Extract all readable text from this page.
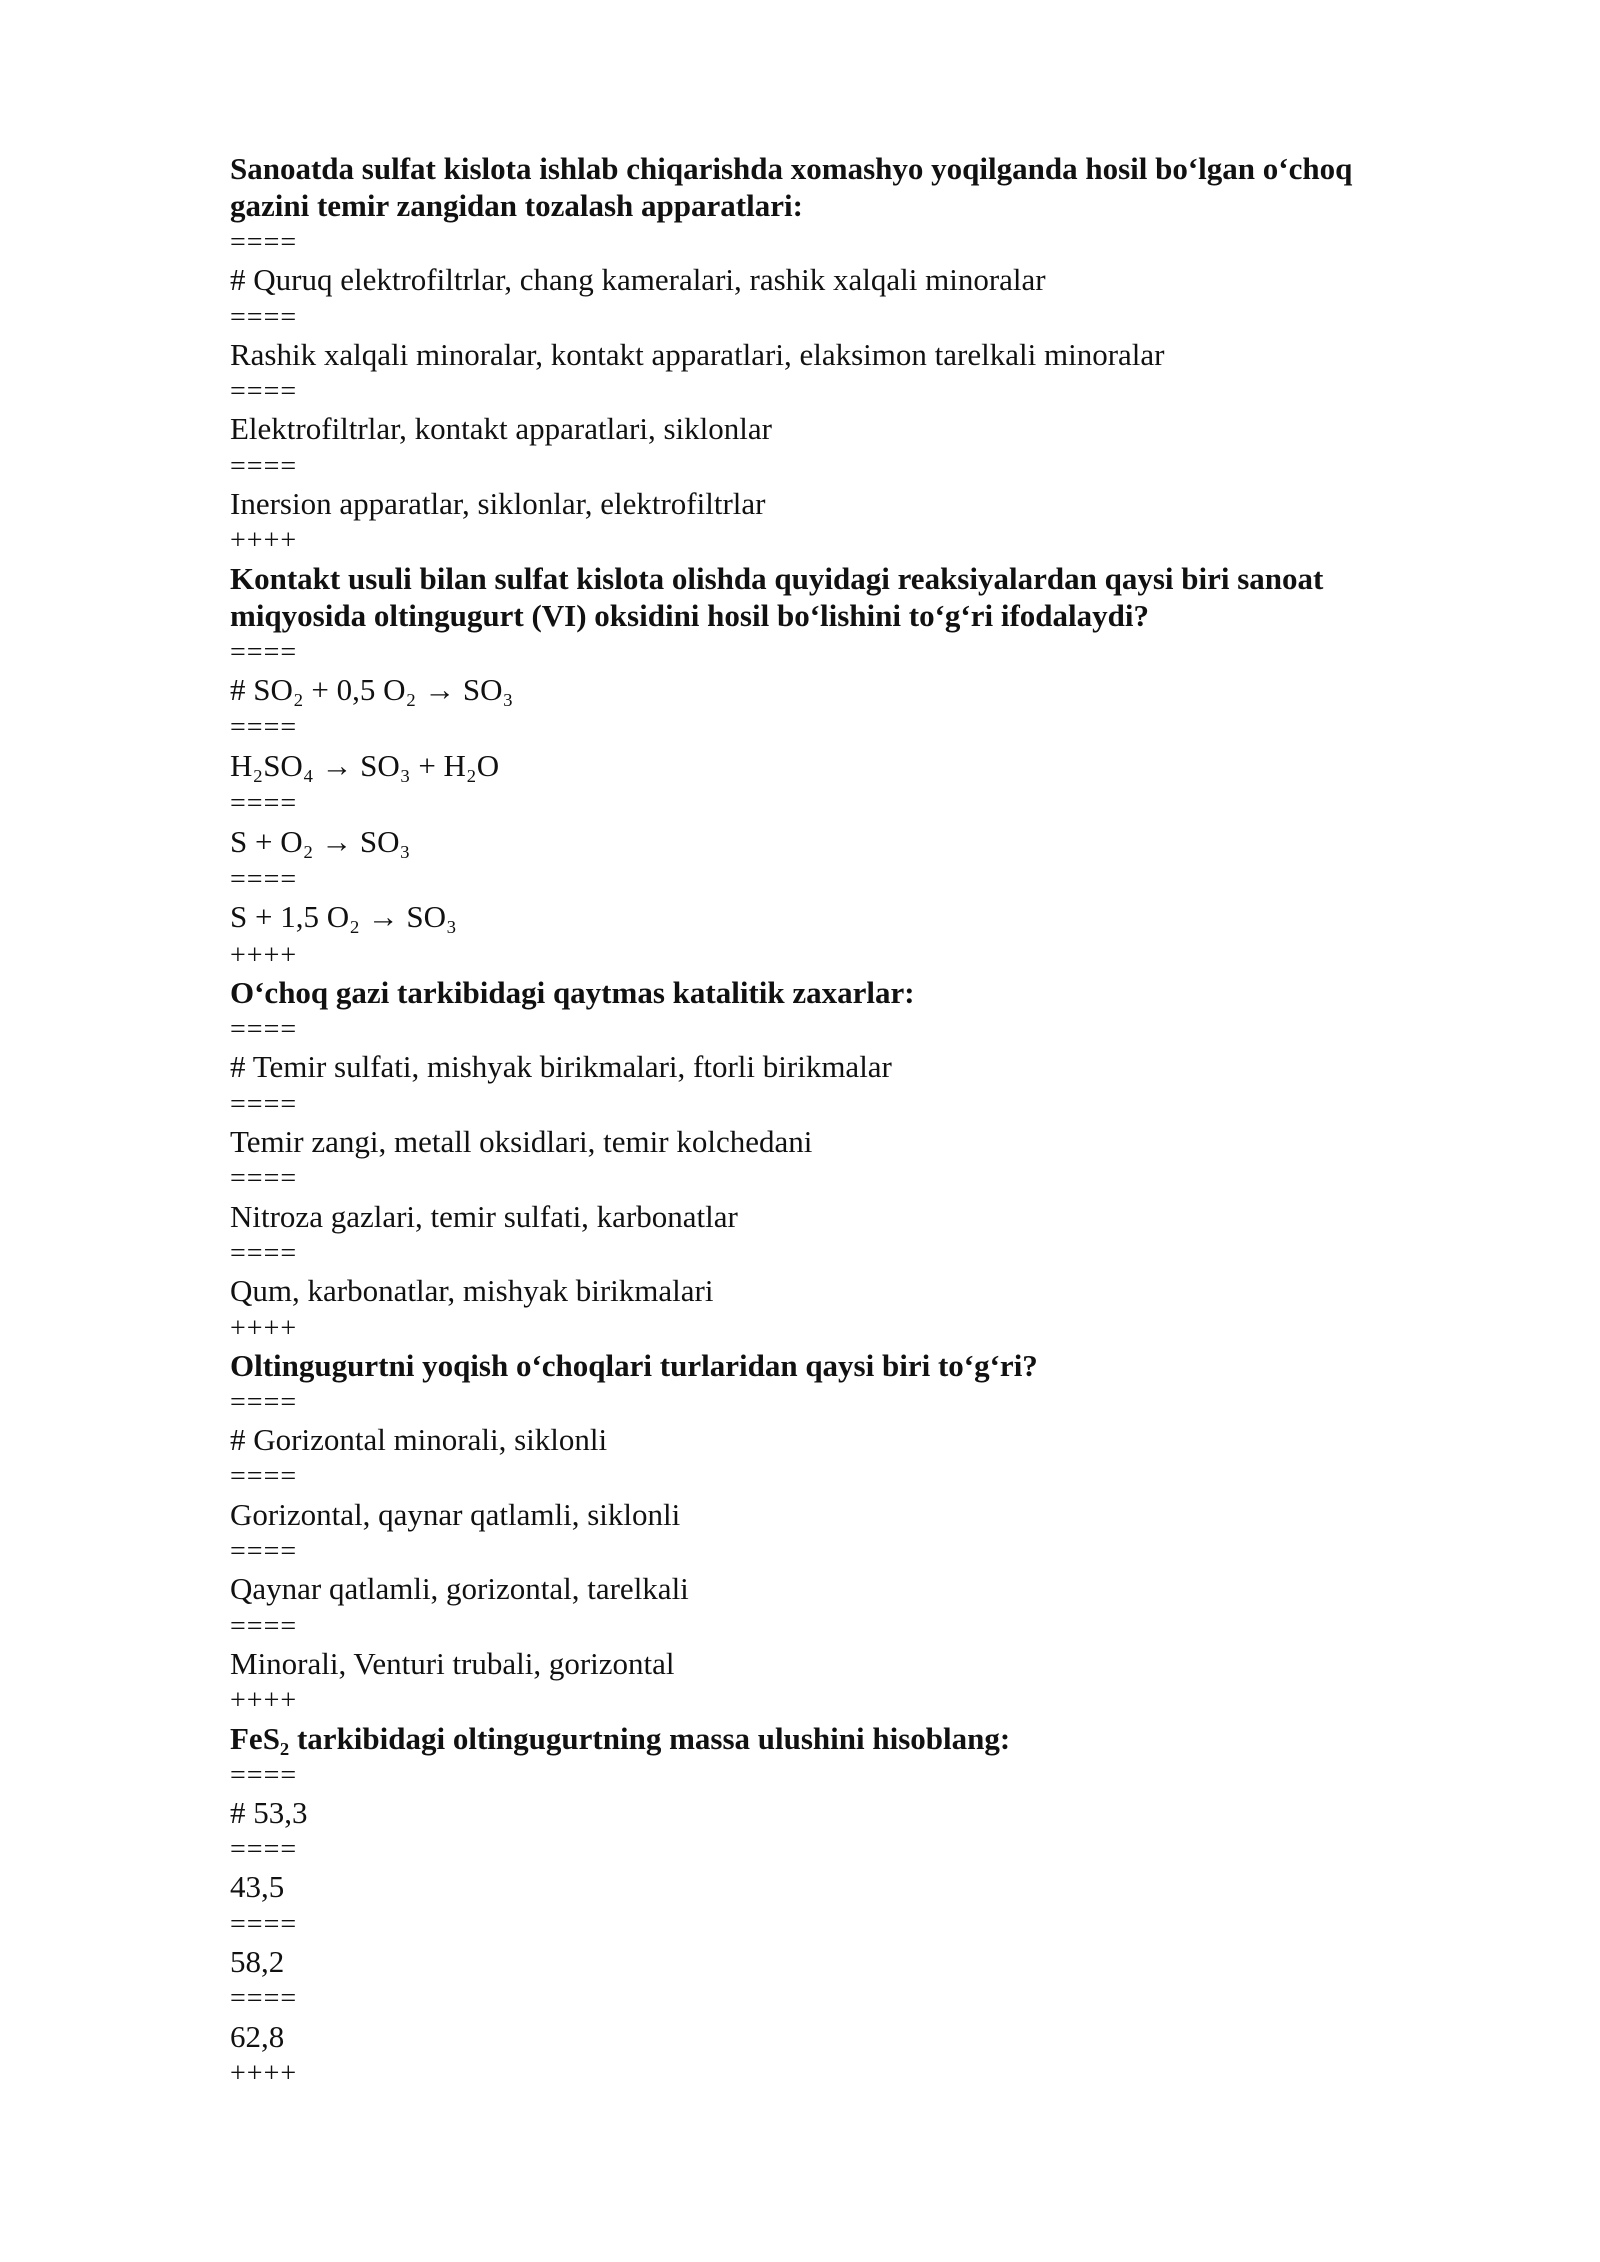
Sanoatda sulfat kislota ishlab chiqarishda xomashyo yoqilganda hosil bo‘lgan o‘choq gazini temir zangidan tozalash apparatlari:

====

# Quruq elektrofiltrlar, chang kameralari, rashik xalqali minoralar

====

Rashik xalqali minoralar, kontakt apparatlari, elaksimon tarelkali minoralar

====

Elektrofiltrlar, kontakt apparatlari, siklonlar

====

Inersion apparatlar, siklonlar, elektrofiltrlar

++++

Kontakt usuli bilan sulfat kislota olishda quyidagi reaksiyalardan qaysi biri sanoat miqyosida oltingugurt (VI) oksidini hosil bo‘lishini to‘g‘ri ifodalaydi?

====

# SO₂ + 0,5 O₂ → SO₃

====

H₂SO₄ → SO₃ + H₂O

====

S + O₂ → SO₃

====

S + 1,5 O₂ → SO₃

++++

O‘choq gazi tarkibidagi qaytmas katalitik zaxarlar:

====

# Temir sulfati, mishyak birikmalari, ftorli birikmalar

====

Temir zangi, metall oksidlari, temir kolchedani

====

Nitroza gazlari, temir sulfati, karbonatlar

====

Qum, karbonatlar, mishyak birikmalari

++++

Oltingugurtni yoqish o‘choqlari turlaridan qaysi biri to‘g‘ri?

====

# Gorizontal minorali, siklonli

====

Gorizontal, qaynar qatlamli, siklonli

====

Qaynar qatlamli, gorizontal, tarelkali

====

Minorali, Venturi trubali, gorizontal

++++

FeS₂ tarkibidagi oltingugurtning massa ulushini hisoblang:

====

# 53,3

====

43,5

====

58,2

====

62,8

++++
